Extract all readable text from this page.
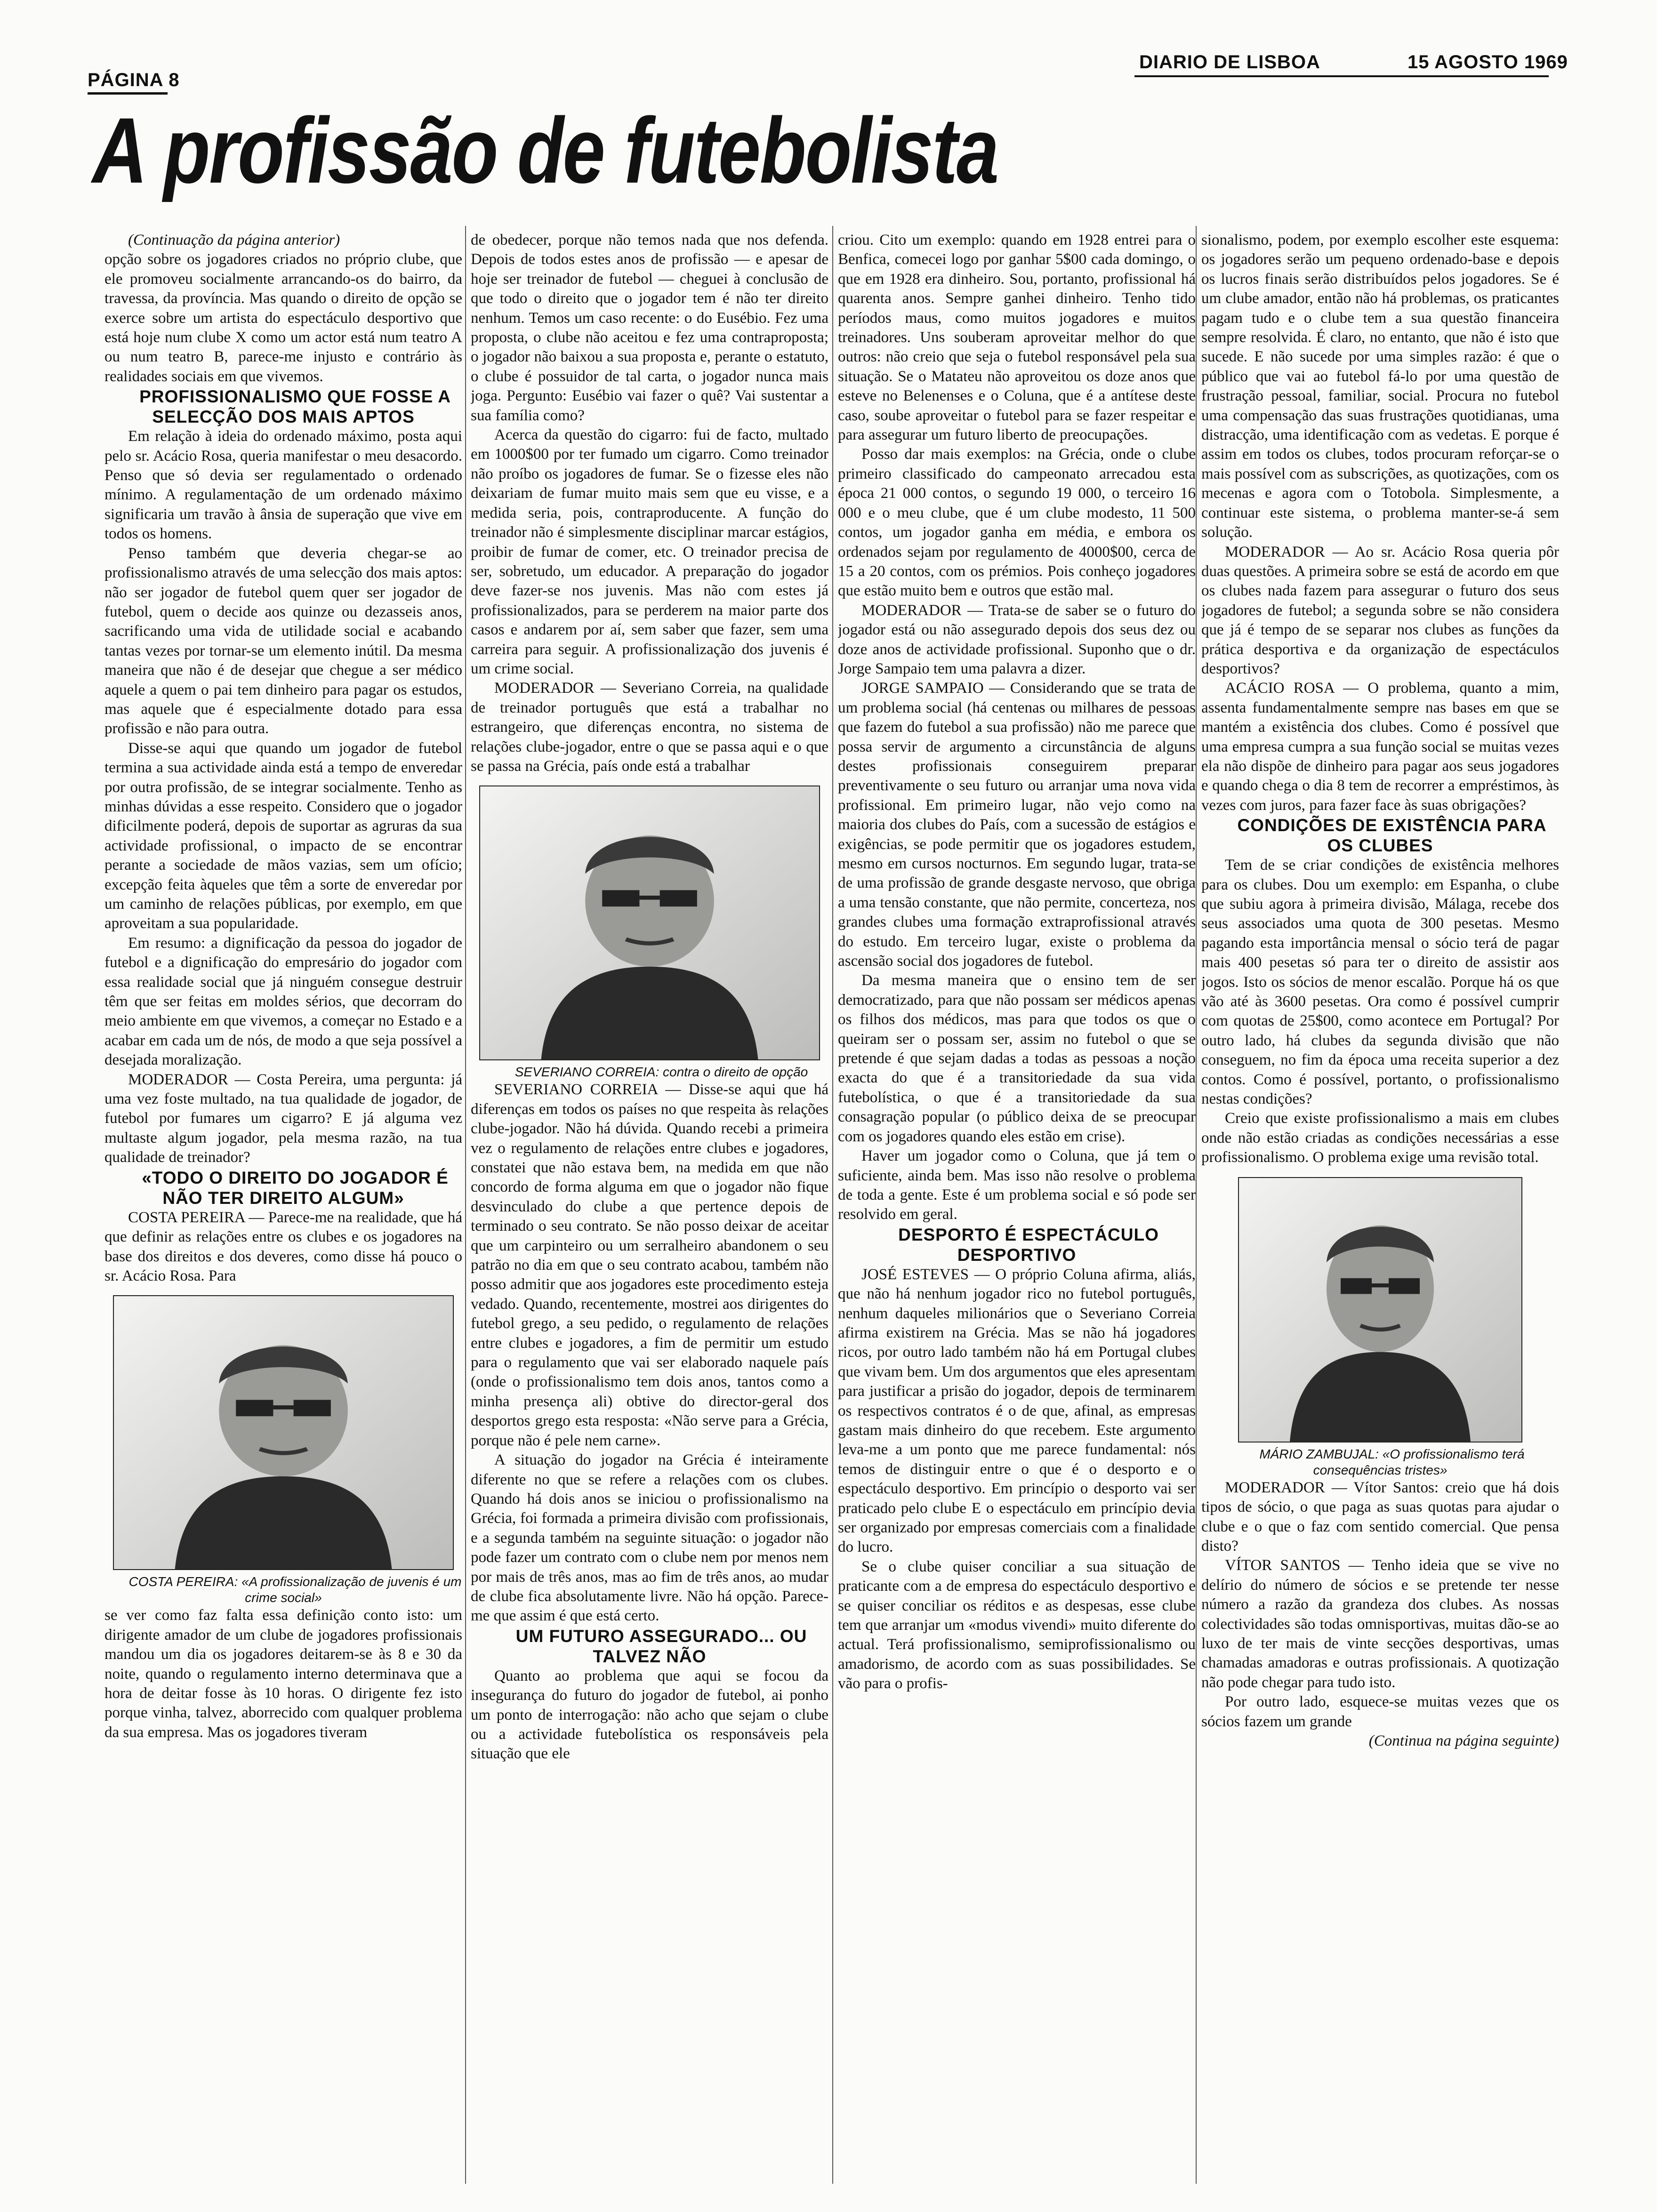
PÁGINA 8
DIARIO DE LISBOA	15 AGOSTO 1969
A profissão de futebolista

(Continuação da página anterior)

opção sobre os jogadores criados no próprio clube, que ele promoveu socialmente arrancando-os do bairro, da travessa, da província. Mas quando o direito de opção se exerce sobre um artista do espectáculo desportivo que está hoje num clube X como um actor está num teatro A ou num teatro B, parece-me injusto e contrário às realidades sociais em que vivemos.

PROFISSIONALISMO QUE FOSSE A SELECÇÃO DOS MAIS APTOS

Em relação à ideia do ordenado máximo, posta aqui pelo sr. Acácio Rosa, queria manifestar o meu desacordo. Penso que só devia ser regulamentado o ordenado mínimo. A regulamentação de um ordenado máximo significaria um travão à ânsia de superação que vive em todos os homens.

Penso também que deveria chegar-se ao profissionalismo através de uma selecção dos mais aptos: não ser jogador de futebol quem quer ser jogador de futebol, quem o decide aos quinze ou dezasseis anos, sacrificando uma vida de utilidade social e acabando tantas vezes por tornar-se um elemento inútil. Da mesma maneira que não é de desejar que chegue a ser médico aquele a quem o pai tem dinheiro para pagar os estudos, mas aquele que é especialmente dotado para essa profissão e não para outra.

Disse-se aqui que quando um jogador de futebol termina a sua actividade ainda está a tempo de enveredar por outra profissão, de se integrar socialmente. Tenho as minhas dúvidas a esse respeito. Considero que o jogador dificilmente poderá, depois de suportar as agruras da sua actividade profissional, o impacto de se encontrar perante a sociedade de mãos vazias, sem um ofício; excepção feita àqueles que têm a sorte de enveredar por um caminho de relações públicas, por exemplo, em que aproveitam a sua popularidade.

Em resumo: a dignificação da pessoa do jogador de futebol e a dignificação do empresário do jogador com essa realidade social que já ninguém consegue destruir têm que ser feitas em moldes sérios, que decorram do meio ambiente em que vivemos, a começar no Estado e a acabar em cada um de nós, de modo a que seja possível a desejada moralização.

MODERADOR — Costa Pereira, uma pergunta: já uma vez foste multado, na tua qualidade de jogador, de futebol por fumares um cigarro? E já alguma vez multaste algum jogador, pela mesma razão, na tua qualidade de treinador?

«TODO O DIREITO DO JOGADOR É NÃO TER DIREITO ALGUM»

COSTA PEREIRA — Parece-me na realidade, que há que definir as relações entre os clubes e os jogadores na base dos direitos e dos deveres, como disse há pouco o sr. Acácio Rosa. Para

COSTA PEREIRA: «A profissionalização de juvenis é um crime social»

se ver como faz falta essa definição conto isto: um dirigente amador de um clube de jogadores profissionais mandou um dia os jogadores deitarem-se às 8 e 30 da noite, quando o regulamento interno determinava que a hora de deitar fosse às 10 horas. O dirigente fez isto porque vinha, talvez, aborrecido com qualquer problema da sua empresa. Mas os jogadores tiveram

de obedecer, porque não temos nada que nos defenda. Depois de todos estes anos de profissão — e apesar de hoje ser treinador de futebol — cheguei à conclusão de que todo o direito que o jogador tem é não ter direito nenhum. Temos um caso recente: o do Eusébio. Fez uma proposta, o clube não aceitou e fez uma contraproposta; o jogador não baixou a sua proposta e, perante o estatuto, o clube é possuidor de tal carta, o jogador nunca mais joga. Pergunto: Eusébio vai fazer o quê? Vai sustentar a sua família como?

Acerca da questão do cigarro: fui de facto, multado em 1000$00 por ter fumado um cigarro. Como treinador não proíbo os jogadores de fumar. Se o fizesse eles não deixariam de fumar muito mais sem que eu visse, e a medida seria, pois, contraproducente. A função do treinador não é simplesmente disciplinar marcar estágios, proibir de fumar de comer, etc. O treinador precisa de ser, sobretudo, um educador. A preparação do jogador deve fazer-se nos juvenis. Mas não com estes já profissionalizados, para se perderem na maior parte dos casos e andarem por aí, sem saber que fazer, sem uma carreira para seguir. A profissionalização dos juvenis é um crime social.

MODERADOR — Severiano Correia, na qualidade de treinador português que está a trabalhar no estrangeiro, que diferenças encontra, no sistema de relações clube-jogador, entre o que se passa aqui e o que se passa na Grécia, país onde está a trabalhar

SEVERIANO CORREIA: contra o direito de opção

SEVERIANO CORREIA — Disse-se aqui que há diferenças em todos os países no que respeita às relações clube-jogador. Não há dúvida. Quando recebi a primeira vez o regulamento de relações entre clubes e jogadores, constatei que não estava bem, na medida em que não concordo de forma alguma em que o jogador não fique desvinculado do clube a que pertence depois de terminado o seu contrato. Se não posso deixar de aceitar que um carpinteiro ou um serralheiro abandonem o seu patrão no dia em que o seu contrato acabou, também não posso admitir que aos jogadores este procedimento esteja vedado. Quando, recentemente, mostrei aos dirigentes do futebol grego, a seu pedido, o regulamento de relações entre clubes e jogadores, a fim de permitir um estudo para o regulamento que vai ser elaborado naquele país (onde o profissionalismo tem dois anos, tantos como a minha presença ali) obtive do director-geral dos desportos grego esta resposta: «Não serve para a Grécia, porque não é pele nem carne».

A situação do jogador na Grécia é inteiramente diferente no que se refere a relações com os clubes. Quando há dois anos se iniciou o profissionalismo na Grécia, foi formada a primeira divisão com profissionais, e a segunda também na seguinte situação: o jogador não pode fazer um contrato com o clube nem por menos nem por mais de três anos, mas ao fim de três anos, ao mudar de clube fica absolutamente livre. Não há opção. Parece-me que assim é que está certo.

UM FUTURO ASSEGURADO... OU TALVEZ NÃO

Quanto ao problema que aqui se focou da insegurança do futuro do jogador de futebol, ai ponho um ponto de interrogação: não acho que sejam o clube ou a actividade futebolística os responsáveis pela situação que ele

criou. Cito um exemplo: quando em 1928 entrei para o Benfica, comecei logo por ganhar 5$00 cada domingo, o que em 1928 era dinheiro. Sou, portanto, profissional há quarenta anos. Sempre ganhei dinheiro. Tenho tido períodos maus, como muitos jogadores e muitos treinadores. Uns souberam aproveitar melhor do que outros: não creio que seja o futebol responsável pela sua situação. Se o Matateu não aproveitou os doze anos que esteve no Belenenses e o Coluna, que é a antítese deste caso, soube aproveitar o futebol para se fazer respeitar e para assegurar um futuro liberto de preocupações.

Posso dar mais exemplos: na Grécia, onde o clube primeiro classificado do campeonato arrecadou esta época 21 000 contos, o segundo 19 000, o terceiro 16 000 e o meu clube, que é um clube modesto, 11 500 contos, um jogador ganha em média, e embora os ordenados sejam por regulamento de 4000$00, cerca de 15 a 20 contos, com os prémios. Pois conheço jogadores que estão muito bem e outros que estão mal.

MODERADOR — Trata-se de saber se o futuro do jogador está ou não assegurado depois dos seus dez ou doze anos de actividade profissional. Suponho que o dr. Jorge Sampaio tem uma palavra a dizer.

JORGE SAMPAIO — Considerando que se trata de um problema social (há centenas ou milhares de pessoas que fazem do futebol a sua profissão) não me parece que possa servir de argumento a circunstância de alguns destes profissionais conseguirem preparar preventivamente o seu futuro ou arranjar uma nova vida profissional. Em primeiro lugar, não vejo como na maioria dos clubes do País, com a sucessão de estágios e exigências, se pode permitir que os jogadores estudem, mesmo em cursos nocturnos. Em segundo lugar, trata-se de uma profissão de grande desgaste nervoso, que obriga a uma tensão constante, que não permite, concerteza, nos grandes clubes uma formação extraprofissional através do estudo. Em terceiro lugar, existe o problema da ascensão social dos jogadores de futebol.

Da mesma maneira que o ensino tem de ser democratizado, para que não possam ser médicos apenas os filhos dos médicos, mas para que todos os que o queiram ser o possam ser, assim no futebol o que se pretende é que sejam dadas a todas as pessoas a noção exacta do que é a transitoriedade da sua vida futebolística, o que é a transitoriedade da sua consagração popular (o público deixa de se preocupar com os jogadores quando eles estão em crise).

Haver um jogador como o Coluna, que já tem o suficiente, ainda bem. Mas isso não resolve o problema de toda a gente. Este é um problema social e só pode ser resolvido em geral.

DESPORTO É ESPECTÁCULO DESPORTIVO

JOSÉ ESTEVES — O próprio Coluna afirma, aliás, que não há nenhum jogador rico no futebol português, nenhum daqueles milionários que o Severiano Correia afirma existirem na Grécia. Mas se não há jogadores ricos, por outro lado também não há em Portugal clubes que vivam bem. Um dos argumentos que eles apresentam para justificar a prisão do jogador, depois de terminarem os respectivos contratos é o de que, afinal, as empresas gastam mais dinheiro do que recebem. Este argumento leva-me a um ponto que me parece fundamental: nós temos de distinguir entre o que é o desporto e o espectáculo desportivo. Em princípio o desporto vai ser praticado pelo clube E o espectáculo em princípio devia ser organizado por empresas comerciais com a finalidade do lucro.

Se o clube quiser conciliar a sua situação de praticante com a de empresa do espectáculo desportivo e se quiser conciliar os réditos e as despesas, esse clube tem que arranjar um «modus vivendi» muito diferente do actual. Terá profissionalismo, semiprofissionalismo ou amadorismo, de acordo com as suas possibilidades. Se vão para o profis-

sionalismo, podem, por exemplo escolher este esquema: os jogadores serão um pequeno ordenado-base e depois os lucros finais serão distribuídos pelos jogadores. Se é um clube amador, então não há problemas, os praticantes pagam tudo e o clube tem a sua questão financeira sempre resolvida. É claro, no entanto, que não é isto que sucede. E não sucede por uma simples razão: é que o público que vai ao futebol fá-lo por uma questão de frustração pessoal, familiar, social. Procura no futebol uma compensação das suas frustrações quotidianas, uma distracção, uma identificação com as vedetas. E porque é assim em todos os clubes, todos procuram reforçar-se o mais possível com as subscrições, as quotizações, com os mecenas e agora com o Totobola. Simplesmente, a continuar este sistema, o problema manter-se-á sem solução.

MODERADOR — Ao sr. Acácio Rosa queria pôr duas questões. A primeira sobre se está de acordo em que os clubes nada fazem para assegurar o futuro dos seus jogadores de futebol; a segunda sobre se não considera que já é tempo de se separar nos clubes as funções da prática desportiva e da organização de espectáculos desportivos?

ACÁCIO ROSA — O problema, quanto a mim, assenta fundamentalmente sempre nas bases em que se mantém a existência dos clubes. Como é possível que uma empresa cumpra a sua função social se muitas vezes ela não dispõe de dinheiro para pagar aos seus jogadores e quando chega o dia 8 tem de recorrer a empréstimos, às vezes com juros, para fazer face às suas obrigações?

CONDIÇÕES DE EXISTÊNCIA PARA OS CLUBES

Tem de se criar condições de existência melhores para os clubes. Dou um exemplo: em Espanha, o clube que subiu agora à primeira divisão, Málaga, recebe dos seus associados uma quota de 300 pesetas. Mesmo pagando esta importância mensal o sócio terá de pagar mais 400 pesetas só para ter o direito de assistir aos jogos. Isto os sócios de menor escalão. Porque há os que vão até às 3600 pesetas. Ora como é possível cumprir com quotas de 25$00, como acontece em Portugal? Por outro lado, há clubes da segunda divisão que não conseguem, no fim da época uma receita superior a dez contos. Como é possível, portanto, o profissionalismo nestas condições?

Creio que existe profissionalismo a mais em clubes onde não estão criadas as condições necessárias a esse profissionalismo. O problema exige uma revisão total.

MÁRIO ZAMBUJAL: «O profissionalismo terá consequências tristes»

MODERADOR — Vítor Santos: creio que há dois tipos de sócio, o que paga as suas quotas para ajudar o clube e o que o faz com sentido comercial. Que pensa disto?

VÍTOR SANTOS — Tenho ideia que se vive no delírio do número de sócios e se pretende ter nesse número a razão da grandeza dos clubes. As nossas colectividades são todas omnisportivas, muitas dão-se ao luxo de ter mais de vinte secções desportivas, umas chamadas amadoras e outras profissionais. A quotização não pode chegar para tudo isto.

Por outro lado, esquece-se muitas vezes que os sócios fazem um grande

(Continua na página seguinte)
